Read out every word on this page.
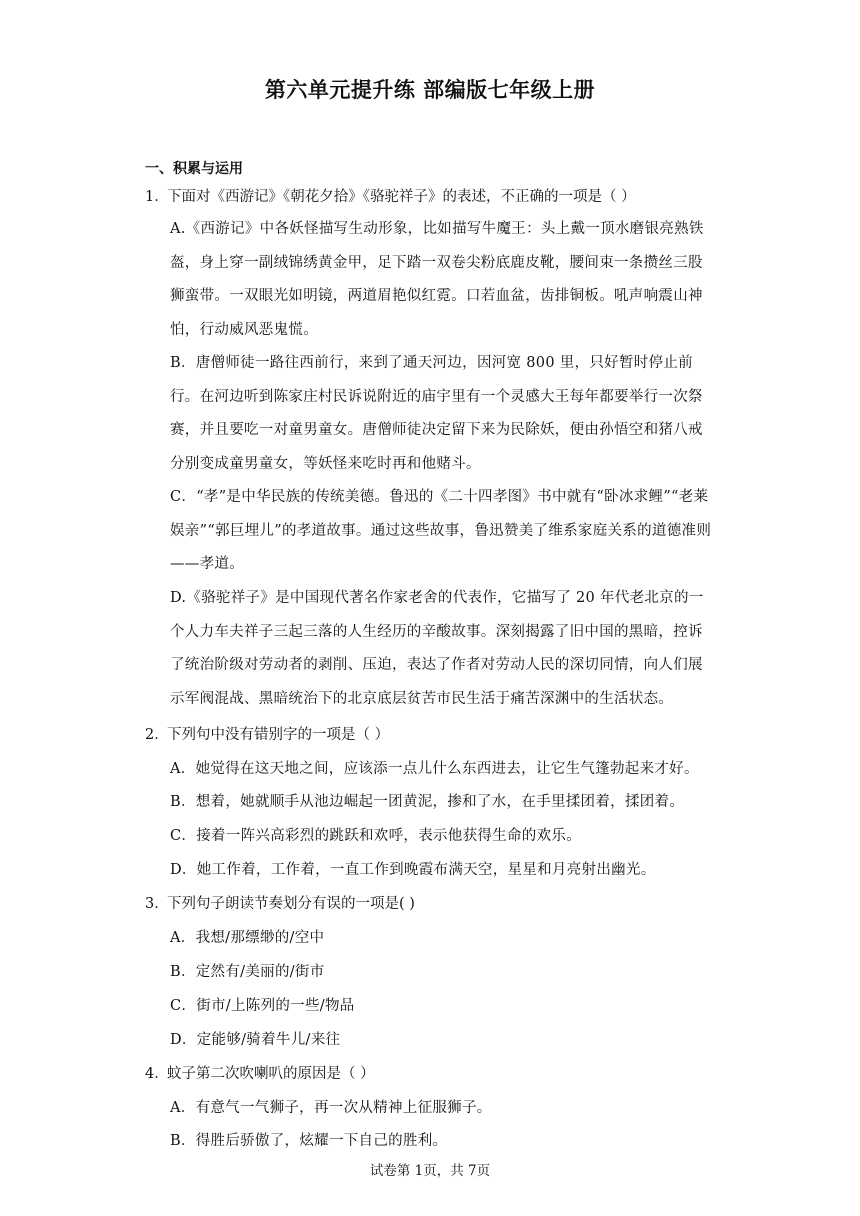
第六单元提升练 部编版七年级上册
一、积累与运用
1．下面对《西游记》《朝花夕拾》《骆驼祥子》的表述，不正确的一项是（ ）
A.《西游记》中各妖怪描写生动形象，比如描写牛魔王：头上戴一顶水磨银亮熟铁盔，身上穿一副绒锦绣黄金甲，足下踏一双卷尖粉底鹿皮靴，腰间束一条攒丝三股狮蛮带。一双眼光如明镜，两道眉艳似红霓。口若血盆，齿排铜板。吼声响震山神怕，行动威风恶鬼慌。
B．唐僧师徒一路往西前行，来到了通天河边，因河宽 800 里，只好暂时停止前行。在河边听到陈家庄村民诉说附近的庙宇里有一个灵感大王每年都要举行一次祭赛，并且要吃一对童男童女。唐僧师徒决定留下来为民除妖，便由孙悟空和猪八戒分别变成童男童女，等妖怪来吃时再和他赌斗。
C．“孝”是中华民族的传统美德。鲁迅的《二十四孝图》书中就有“卧冰求鲤”“老莱娱亲”“郭巨埋儿”的孝道故事。通过这些故事，鲁迅赞美了维系家庭关系的道德准则——孝道。
D.《骆驼祥子》是中国现代著名作家老舍的代表作，它描写了 20 年代老北京的一个人力车夫祥子三起三落的人生经历的辛酸故事。深刻揭露了旧中国的黑暗，控诉了统治阶级对劳动者的剥削、压迫，表达了作者对劳动人民的深切同情，向人们展示军阀混战、黑暗统治下的北京底层贫苦市民生活于痛苦深渊中的生活状态。
2．下列句中没有错别字的一项是（ ）
A．她觉得在这天地之间，应该添一点儿什么东西进去，让它生气篷勃起来才好。
B．想着，她就顺手从池边崛起一团黄泥，掺和了水，在手里揉团着，揉团着。
C．接着一阵兴高彩烈的跳跃和欢呼，表示他获得生命的欢乐。
D．她工作着，工作着，一直工作到晚霞布满天空，星星和月亮射出幽光。
3．下列句子朗读节奏划分有误的一项是( )
A．我想/那缥缈的/空中
B．定然有/美丽的/街市
C．街市/上陈列的一些/物品
D．定能够/骑着牛儿/来往
4．蚊子第二次吹喇叭的原因是（ ）
A．有意气一气狮子，再一次从精神上征服狮子。
B．得胜后骄傲了，炫耀一下自己的胜利。
试卷第 1页，共 7页
